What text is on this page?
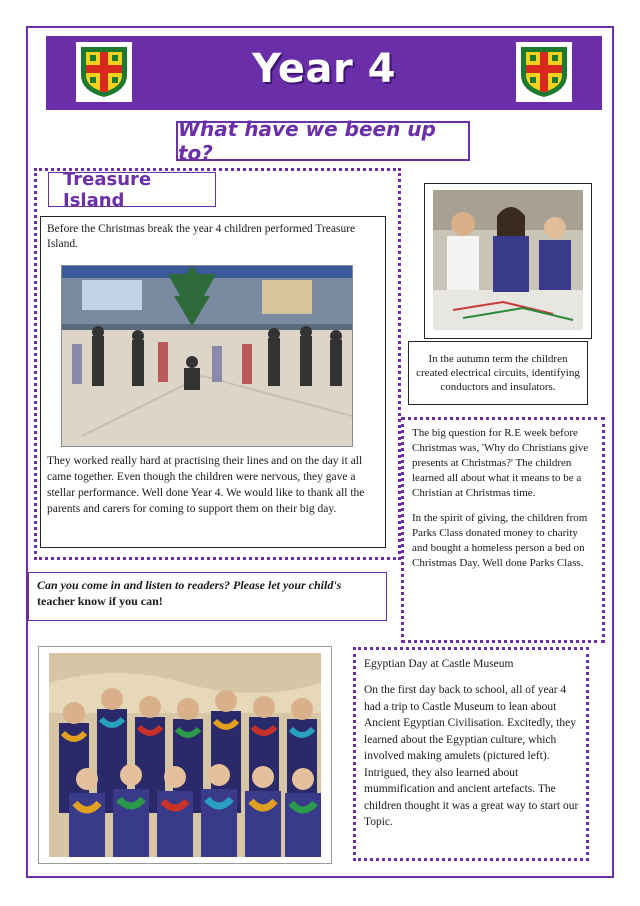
Year 4
What have we been up to?
Treasure Island
Before the Christmas break the year 4 children performed Treasure Island.
They worked really hard at practising their lines and on the day it all came together. Even though the children were nervous, they gave a stellar performance. Well done Year 4. We would like to thank all the parents and carers for coming to support them on their big day.
In the autumn term the children created electrical circuits, identifying conductors and insulators.

The big question for R.E week before Christmas was, 'Why do Christians give presents at Christmas?' The children learned all about what it means to be a Christian at Christmas time.

In the spirit of giving, the children from Parks Class donated money to charity and bought a homeless person a bed on Christmas Day. Well done Parks Class.

Can you come in and listen to readers? Please let your child's
teacher know if you can!
Egyptian Day at Castle Museum
On the first day back to school, all of year 4 had a trip to Castle Museum to lean about Ancient Egyptian Civilisation. Excitedly, they learned about the Egyptian culture, which involved making amulets (pictured left). Intrigued, they also learned about mummification and ancient artefacts. The children thought it was a great way to start our Topic.
